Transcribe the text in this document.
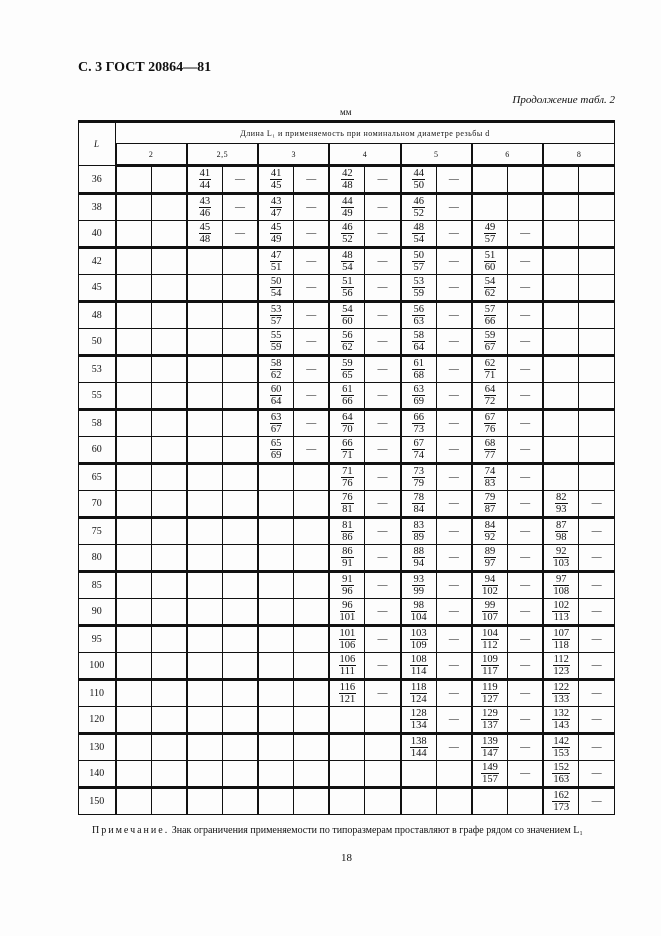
С. 3 ГОСТ 20864—81
Продолжение табл. 2
мм
L	Длина L₁ и применяемость при номинальном диаметре резьбы d													
	2		2,5		3		4		5		6		8	
36			$\frac{41}{44}$	—	$\frac{41}{45}$	—	$\frac{42}{48}$	—	$\frac{44}{50}$	—				
38			$\frac{43}{46}$	—	$\frac{43}{47}$	—	$\frac{44}{49}$	—	$\frac{46}{52}$	—				
40			$\frac{45}{48}$	—	$\frac{45}{49}$	—	$\frac{46}{52}$	—	$\frac{48}{54}$	—	$\frac{49}{57}$	—		
42					$\frac{47}{51}$	—	$\frac{48}{54}$	—	$\frac{50}{57}$	—	$\frac{51}{60}$	—		
45					$\frac{50}{54}$	—	$\frac{51}{56}$	—	$\frac{53}{59}$	—	$\frac{54}{62}$	—		
48					$\frac{53}{57}$	—	$\frac{54}{60}$	—	$\frac{56}{63}$	—	$\frac{57}{66}$	—		
50					$\frac{55}{59}$	—	$\frac{56}{62}$	—	$\frac{58}{64}$	—	$\frac{59}{67}$	—		
53					$\frac{58}{62}$	—	$\frac{59}{65}$	—	$\frac{61}{68}$	—	$\frac{62}{71}$	—		
55					$\frac{60}{64}$	—	$\frac{61}{66}$	—	$\frac{63}{69}$	—	$\frac{64}{72}$	—		
58					$\frac{63}{67}$	—	$\frac{64}{70}$	—	$\frac{66}{73}$	—	$\frac{67}{76}$	—		
60					$\frac{65}{69}$	—	$\frac{66}{71}$	—	$\frac{67}{74}$	—	$\frac{68}{77}$	—		
65							$\frac{71}{76}$	—	$\frac{73}{79}$	—	$\frac{74}{83}$	—		
70							$\frac{76}{81}$	—	$\frac{78}{84}$	—	$\frac{79}{87}$	—	$\frac{82}{93}$	—
75							$\frac{81}{86}$	—	$\frac{83}{89}$	—	$\frac{84}{92}$	—	$\frac{87}{98}$	—
80							$\frac{86}{91}$	—	$\frac{88}{94}$	—	$\frac{89}{97}$	—	$\frac{92}{103}$	—
85							$\frac{91}{96}$	—	$\frac{93}{99}$	—	$\frac{94}{102}$	—	$\frac{97}{108}$	—
90							$\frac{96}{101}$	—	$\frac{98}{104}$	—	$\frac{99}{107}$	—	$\frac{102}{113}$	—
95							$\frac{101}{106}$	—	$\frac{103}{109}$	—	$\frac{104}{112}$	—	$\frac{107}{118}$	—
100							$\frac{106}{111}$	—	$\frac{108}{114}$	—	$\frac{109}{117}$	—	$\frac{112}{123}$	—
110							$\frac{116}{121}$	—	$\frac{118}{124}$	—	$\frac{119}{127}$	—	$\frac{122}{133}$	—
120									$\frac{128}{134}$	—	$\frac{129}{137}$	—	$\frac{132}{143}$	—
130									$\frac{138}{144}$	—	$\frac{139}{147}$	—	$\frac{142}{153}$	—
140											$\frac{149}{157}$	—	$\frac{152}{163}$	—
150													$\frac{162}{173}$	—
Примечание. Знак ограничения применяемости по типоразмерам проставляют в графе рядом со значением L₁
18
